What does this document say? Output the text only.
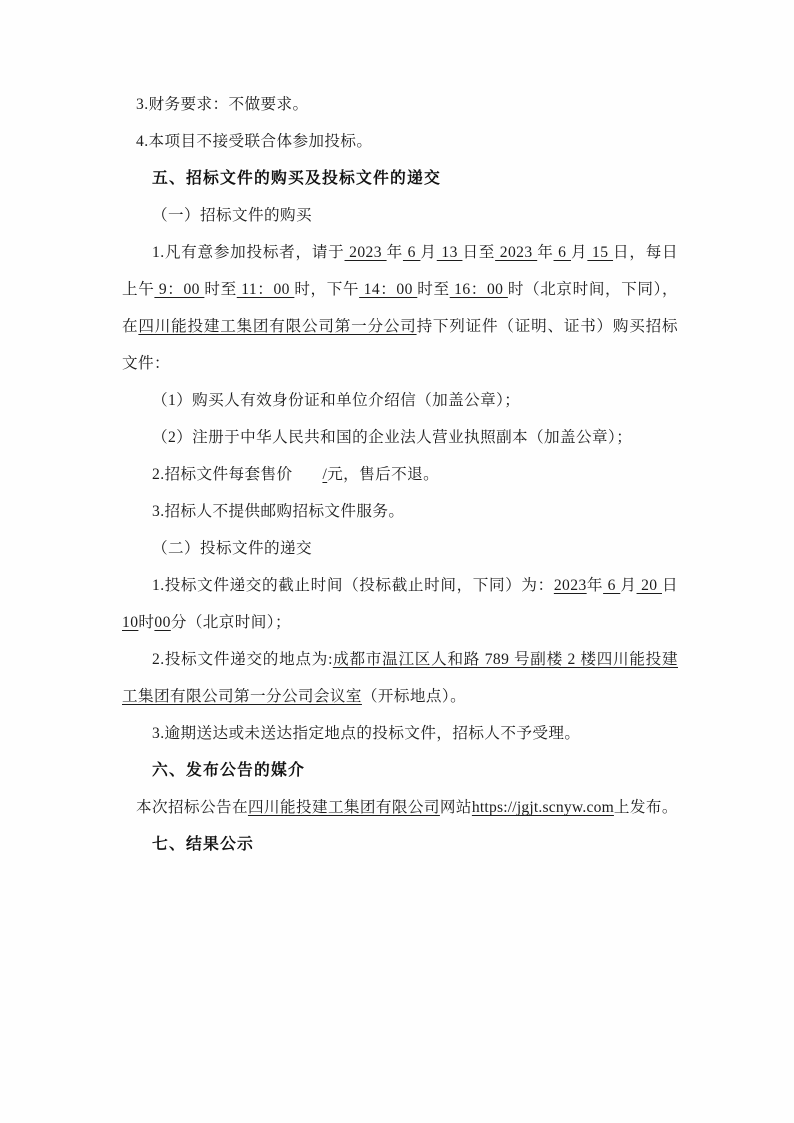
3.财务要求：不做要求。

4.本项目不接受联合体参加投标。

五、招标文件的购买及投标文件的递交

（一）招标文件的购买

1.凡有意参加投标者，请于 2023 年 6 月 13 日至 2023 年 6 月 15 日，每日上午 9：00 时至 11：00 时，下午 14：00 时至 16：00 时（北京时间，下同），在四川能投建工集团有限公司第一分公司持下列证件（证明、证书）购买招标文件：

（1）购买人有效身份证和单位介绍信（加盖公章）；

（2）注册于中华人民共和国的企业法人营业执照副本（加盖公章）；

2.招标文件每套售价/元，售后不退。

3.招标人不提供邮购招标文件服务。

（二）投标文件的递交

1.投标文件递交的截止时间（投标截止时间，下同）为：2023年 6 月 20 日10时00分（北京时间）；

2.投标文件递交的地点为:成都市温江区人和路 789 号副楼 2 楼四川能投建工集团有限公司第一分公司会议室（开标地点）。

3.逾期送达或未送达指定地点的投标文件，招标人不予受理。

六、发布公告的媒介

本次招标公告在四川能投建工集团有限公司网站https://jgjt.scnyw.com上发布。

七、结果公示
